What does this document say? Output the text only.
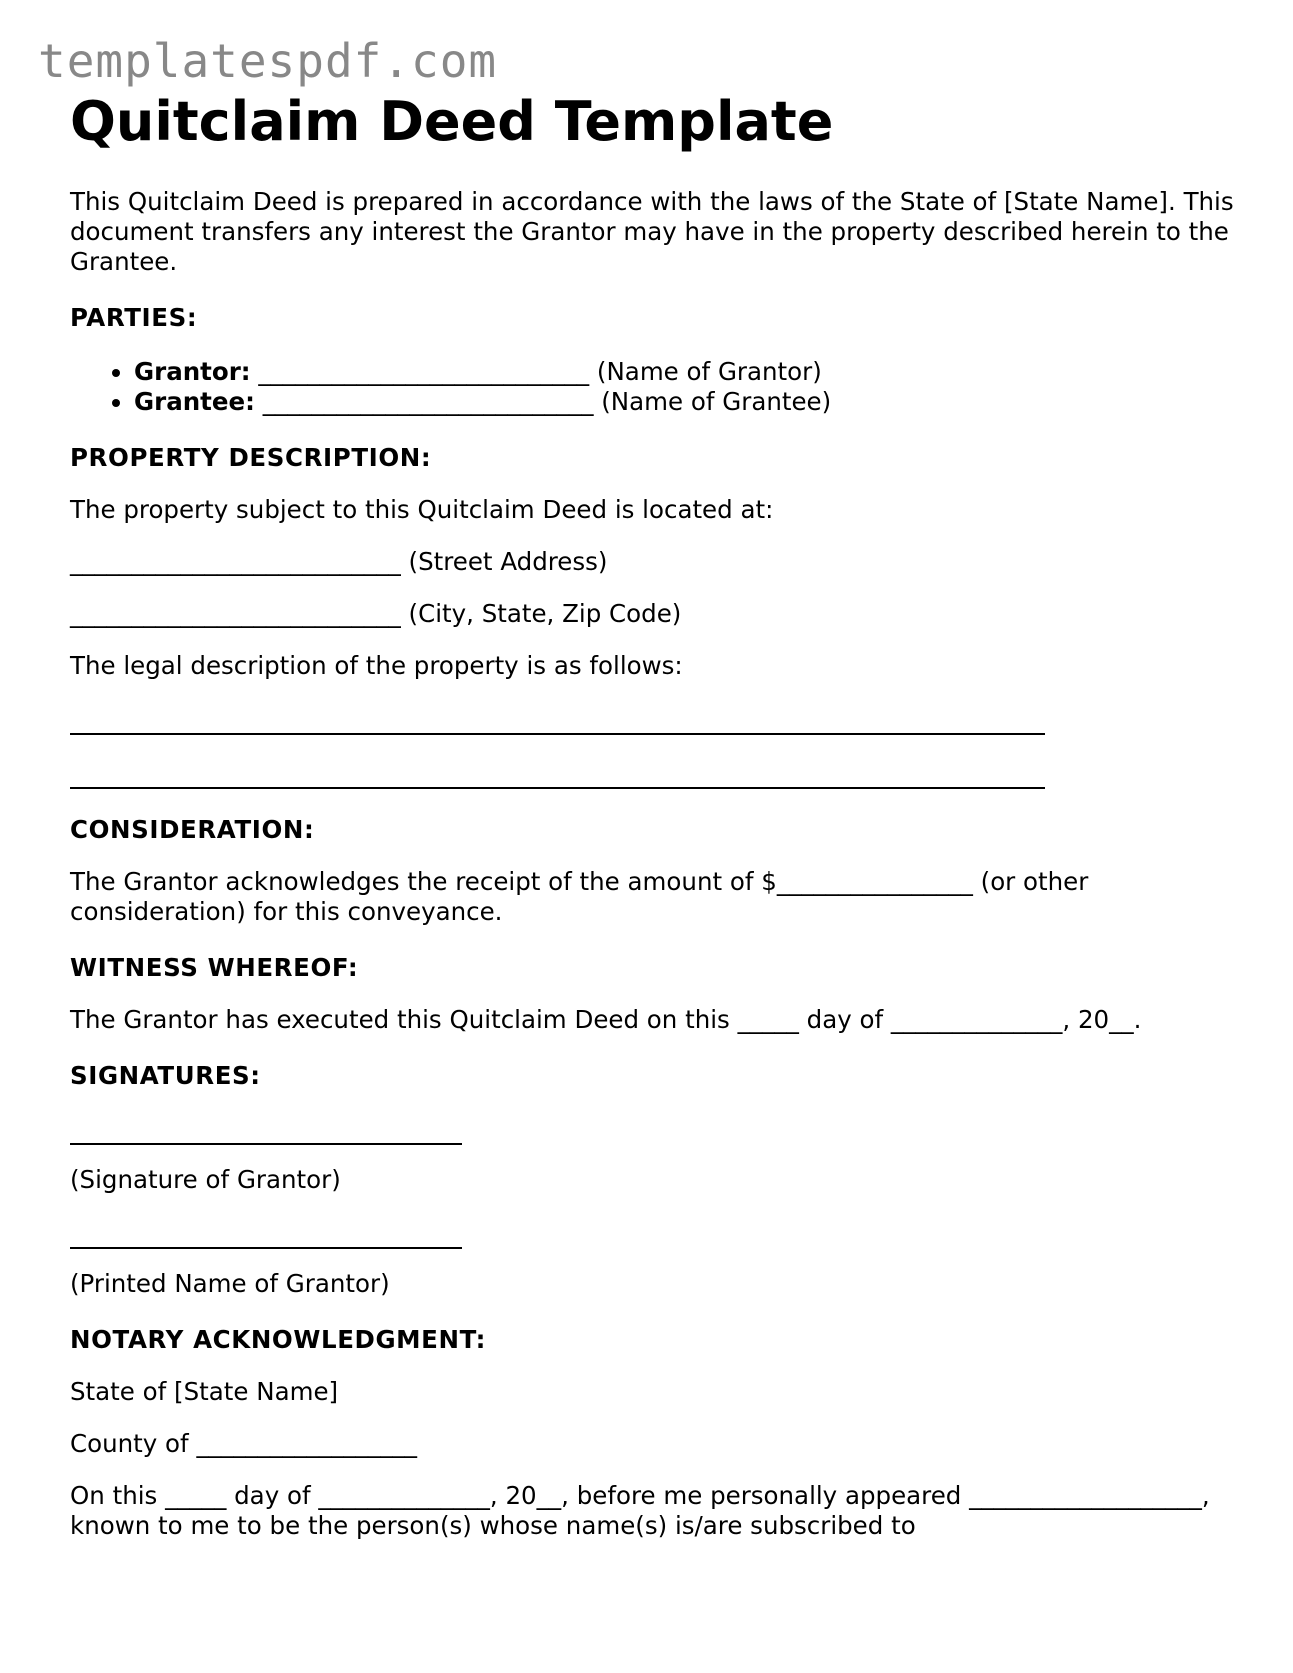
templatespdf.com
Quitclaim Deed Template

This Quitclaim Deed is prepared in accordance with the laws of the State of [State Name]. This document transfers any interest the Grantor may have in the property described herein to the Grantee.

PARTIES:

• Grantor: ___________________________ (Name of Grantor)
• Grantee: ___________________________ (Name of Grantee)

PROPERTY DESCRIPTION:

The property subject to this Quitclaim Deed is located at:

___________________________ (Street Address)

___________________________ (City, State, Zip Code)

The legal description of the property is as follows:

CONSIDERATION:

The Grantor acknowledges the receipt of the amount of $________________ (or other consideration) for this conveyance.

WITNESS WHEREOF:

The Grantor has executed this Quitclaim Deed on this _____ day of ______________, 20__.

SIGNATURES:

(Signature of Grantor)

(Printed Name of Grantor)

NOTARY ACKNOWLEDGMENT:

State of [State Name]

County of __________________

On this _____ day of ______________, 20__, before me personally appeared ___________________, known to me to be the person(s) whose name(s) is/are subscribed to
